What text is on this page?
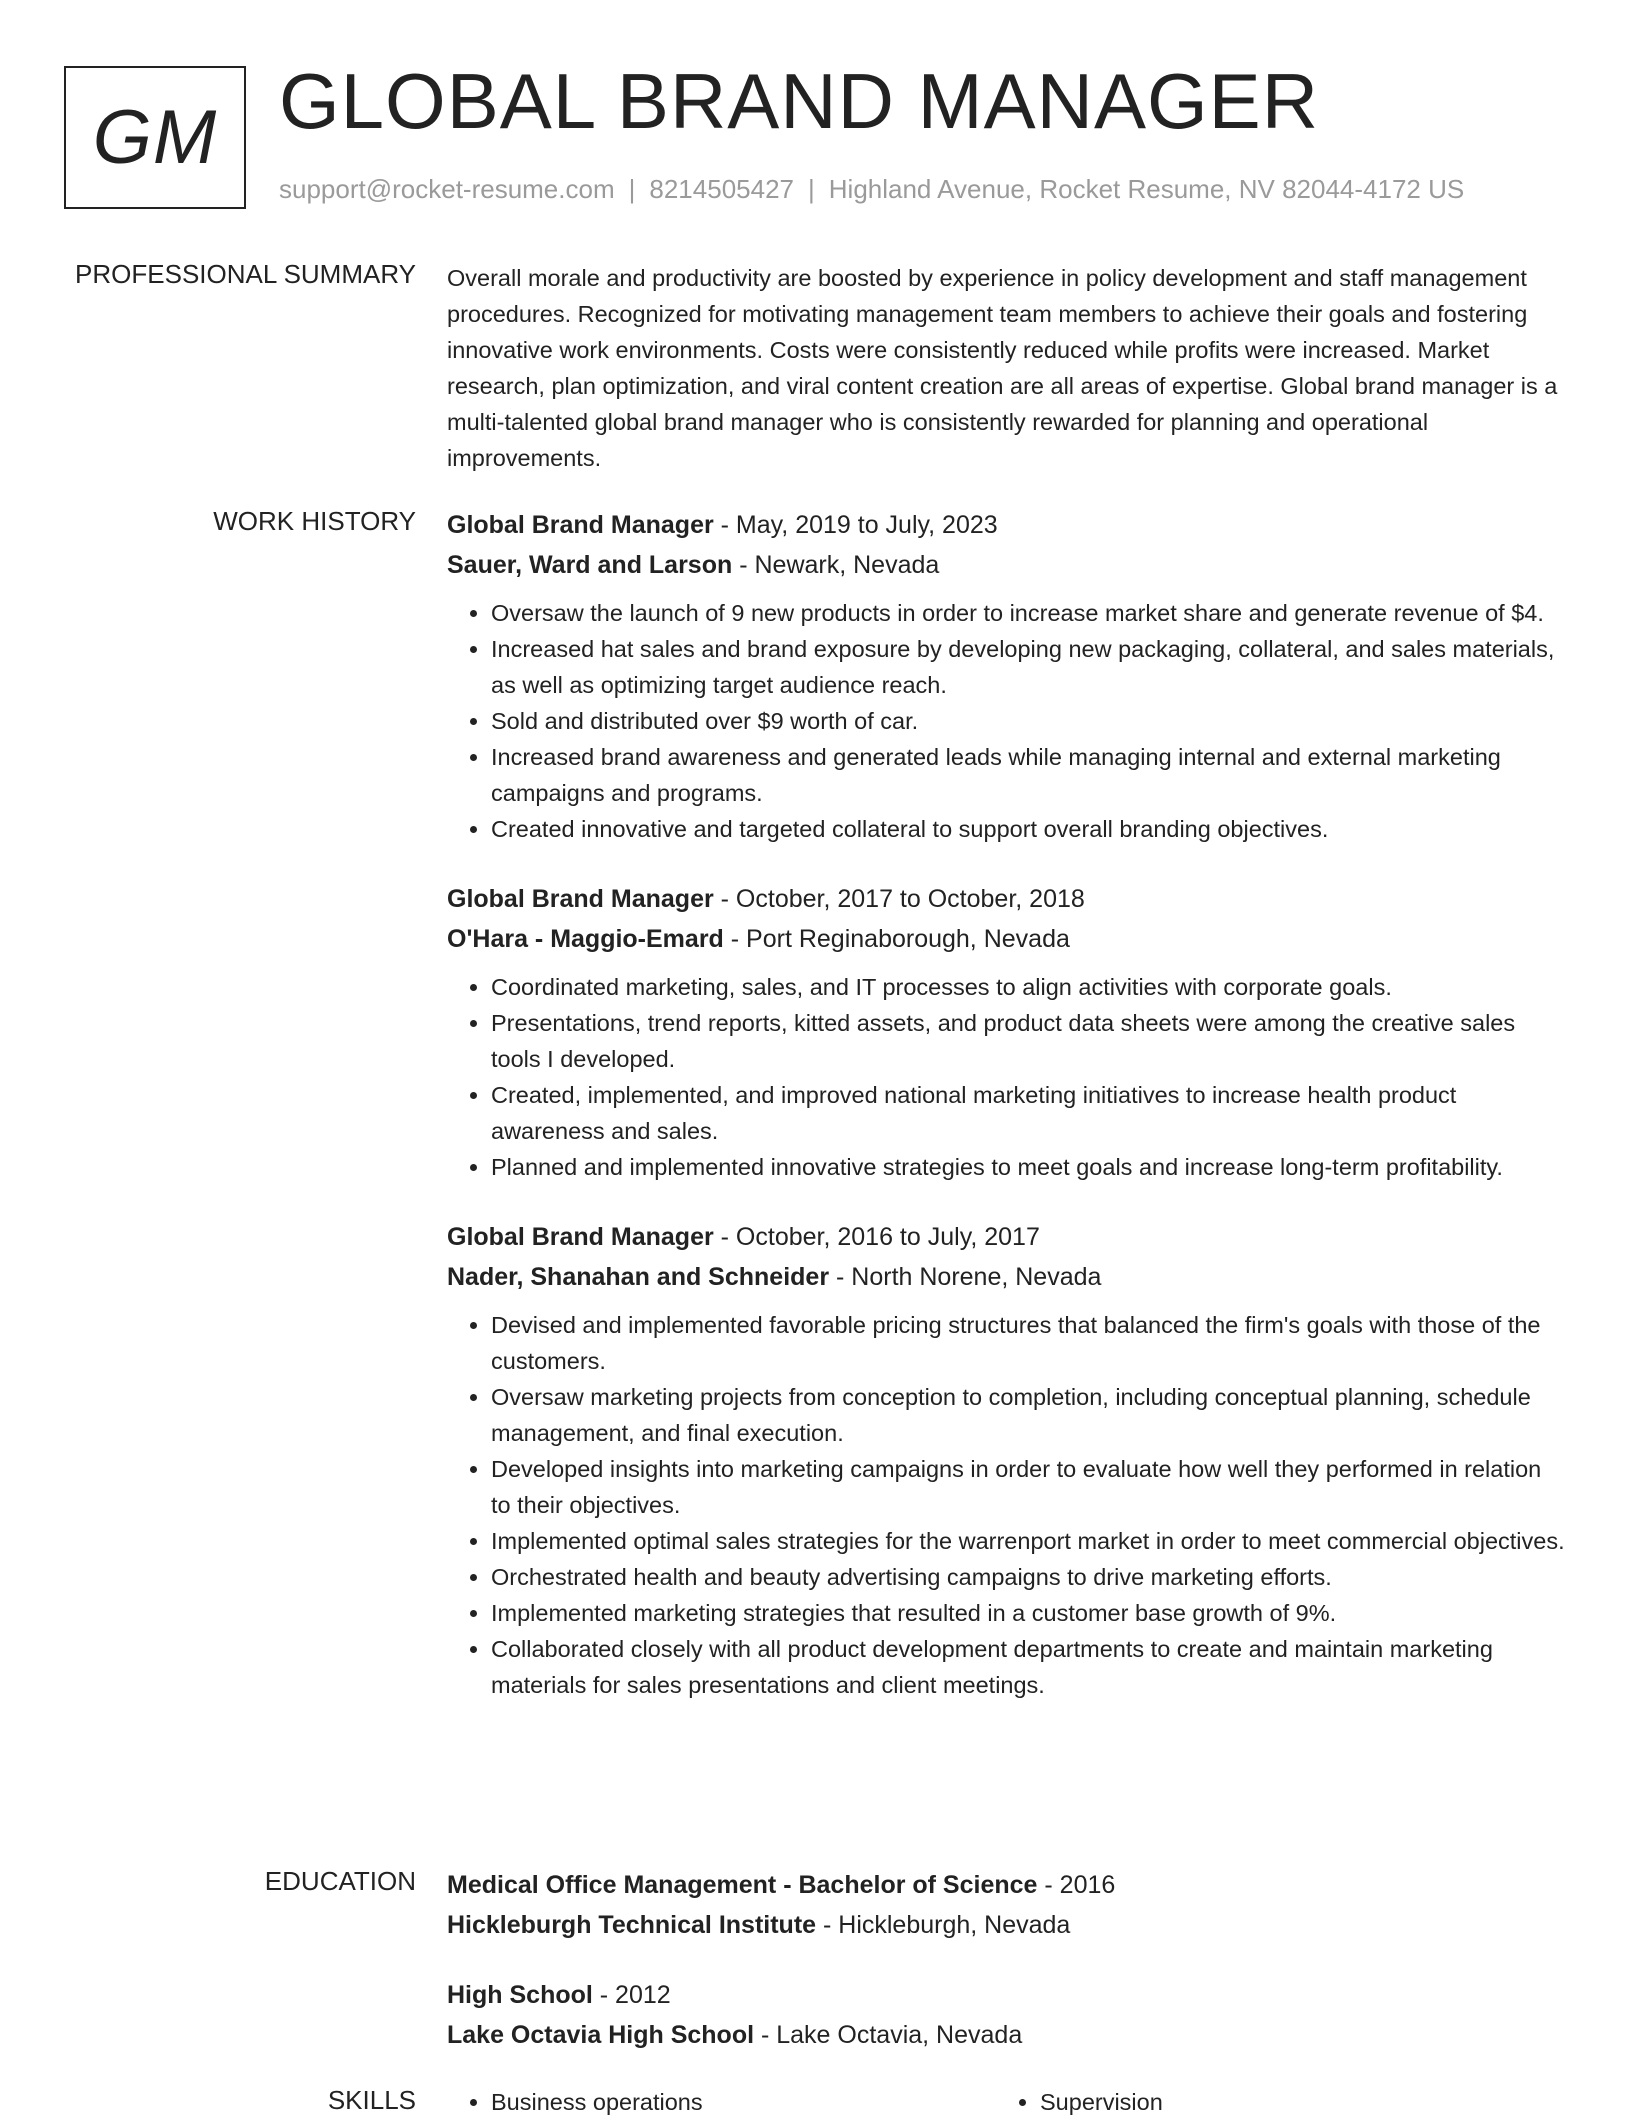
GM GLOBAL BRAND MANAGER
support@rocket-resume.com | 8214505427 | Highland Avenue, Rocket Resume, NV 82044-4172 US
PROFESSIONAL SUMMARY Overall morale and productivity are boosted by experience in policy development and staff management procedures. Recognized for motivating management team members to achieve their goals and fostering innovative work environments. Costs were consistently reduced while profits were increased. Market research, plan optimization, and viral content creation are all areas of expertise. Global brand manager is a multi-talented global brand manager who is consistently rewarded for planning and operational improvements.

WORK HISTORY Global Brand Manager - May, 2019 to July, 2023
Sauer, Ward and Larson - Newark, Nevada
• Oversaw the launch of 9 new products in order to increase market share and generate revenue of $4.
• Increased hat sales and brand exposure by developing new packaging, collateral, and sales materials, as well as optimizing target audience reach.
• Sold and distributed over $9 worth of car.
• Increased brand awareness and generated leads while managing internal and external marketing campaigns and programs.
• Created innovative and targeted collateral to support overall branding objectives.
Global Brand Manager - October, 2017 to October, 2018
O'Hara - Maggio-Emard - Port Reginaborough, Nevada
• Coordinated marketing, sales, and IT processes to align activities with corporate goals.
• Presentations, trend reports, kitted assets, and product data sheets were among the creative sales tools I developed.
• Created, implemented, and improved national marketing initiatives to increase health product awareness and sales.
• Planned and implemented innovative strategies to meet goals and increase long-term profitability.
Global Brand Manager - October, 2016 to July, 2017
Nader, Shanahan and Schneider - North Norene, Nevada
• Devised and implemented favorable pricing structures that balanced the firm's goals with those of the customers.
• Oversaw marketing projects from conception to completion, including conceptual planning, schedule management, and final execution.
• Developed insights into marketing campaigns in order to evaluate how well they performed in relation to their objectives.
• Implemented optimal sales strategies for the warrenport market in order to meet commercial objectives.
• Orchestrated health and beauty advertising campaigns to drive marketing efforts.
• Implemented marketing strategies that resulted in a customer base growth of 9%.
• Collaborated closely with all product development departments to create and maintain marketing materials for sales presentations and client meetings.
EDUCATION Medical Office Management - Bachelor of Science - 2016
Hickleburgh Technical Institute - Hickleburgh, Nevada
High School - 2012
Lake Octavia High School - Lake Octavia, Nevada
SKILLS	• Business operations	• Supervision
